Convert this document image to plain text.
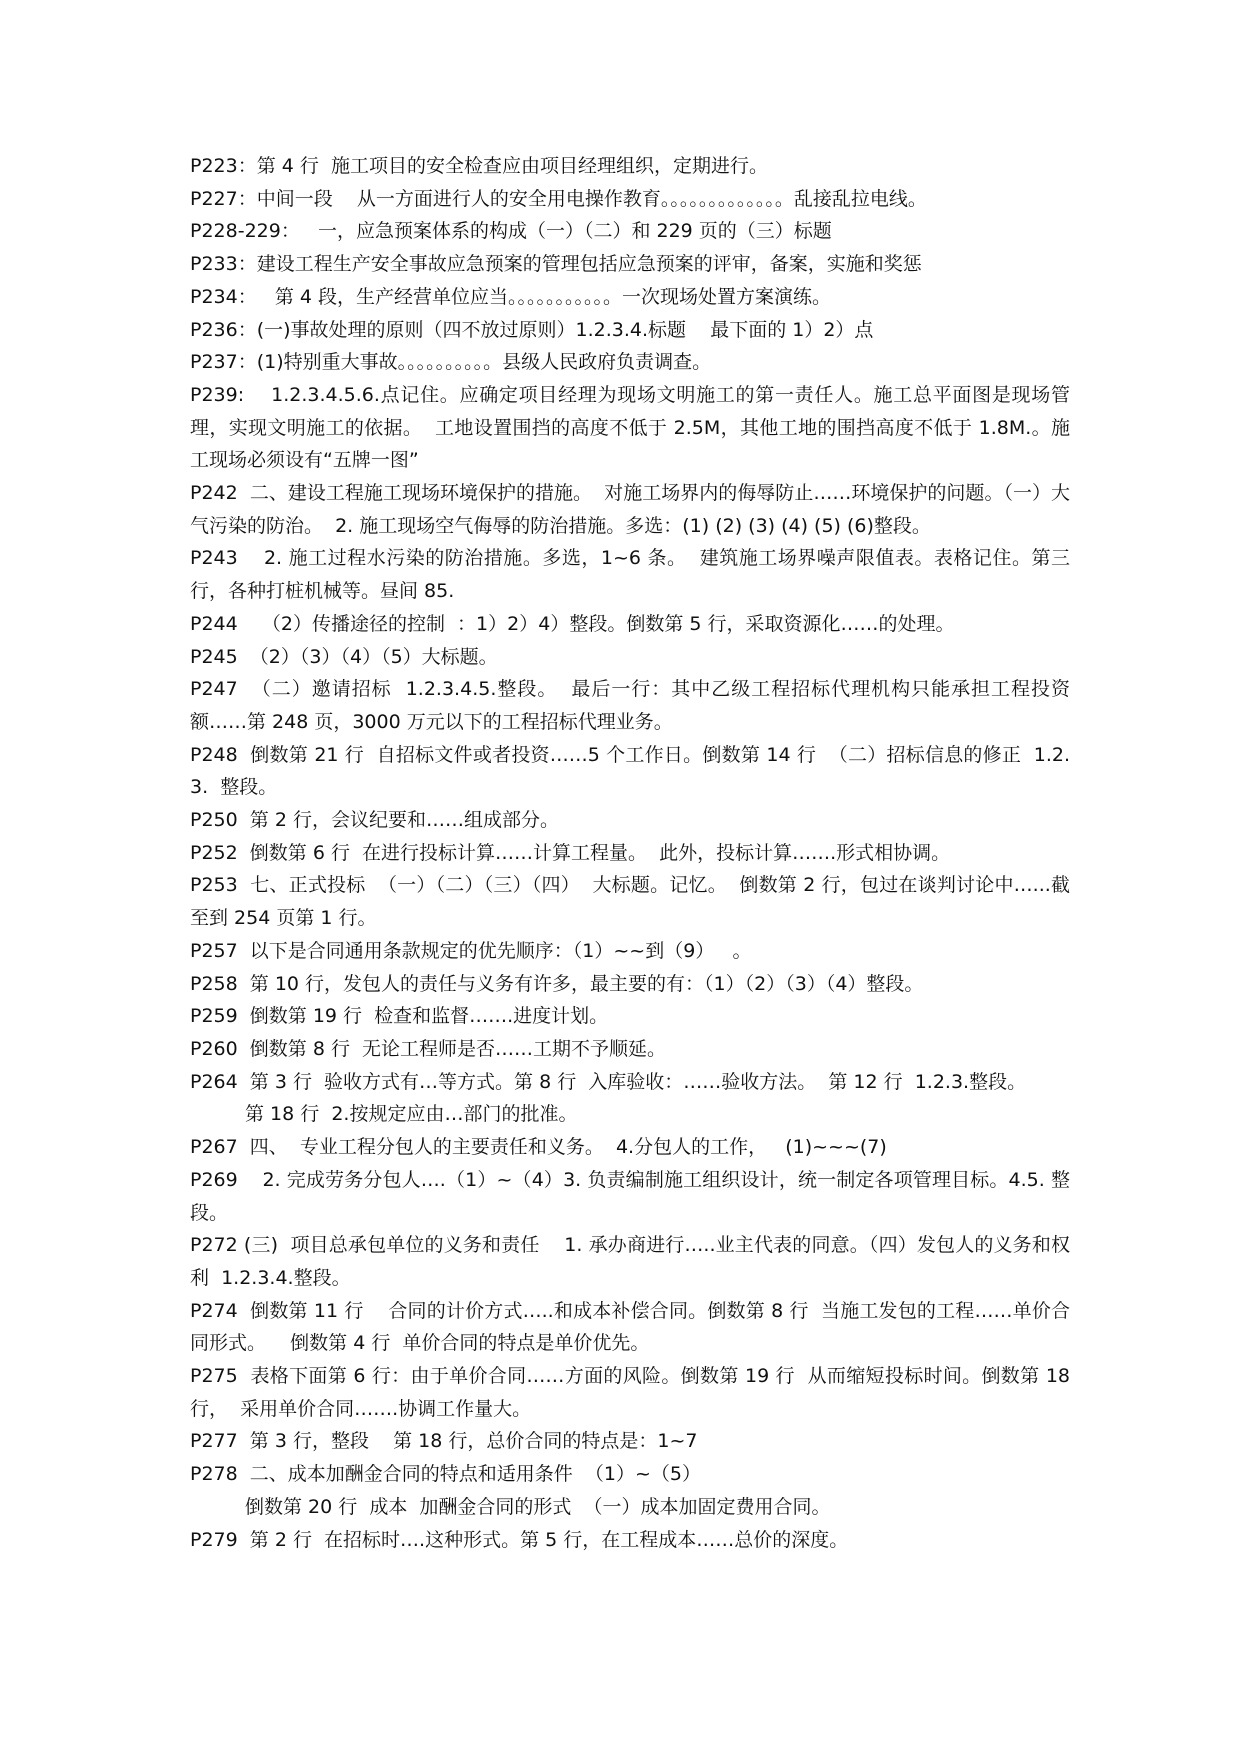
P223：第 4 行  施工项目的安全检查应由项目经理组织，定期进行。

P227：中间一段    从一方面进行人的安全用电操作教育。。。。。。。。。。。。。乱接乱拉电线。

P228-229：   一，应急预案体系的构成（一）（二）和 229 页的（三）标题

P233：建设工程生产安全事故应急预案的管理包括应急预案的评审，备案，实施和奖惩

P234：   第 4 段，生产经营单位应当。。。。。。。。。。。一次现场处置方案演练。

P236：(一)事故处理的原则（四不放过原则）1.2.3.4.标题    最下面的 1）2）点

P237：(1)特别重大事故。。。。。。。。。。县级人民政府负责调查。

P239:    1.2.3.4.5.6.点记住。应确定项目经理为现场文明施工的第一责任人。施工总平面图是现场管理，实现文明施工的依据。  工地设置围挡的高度不低于 2.5M，其他工地的围挡高度不低于 1.8M.。施工现场必须设有“五牌一图”

P242  二、建设工程施工现场环境保护的措施。  对施工场界内的侮辱防止……环境保护的问题。（一）大气污染的防治。  2. 施工现场空气侮辱的防治措施。多选：(1) (2) (3) (4) (5) (6)整段。

P243    2. 施工过程水污染的防治措施。多选，1~6 条。  建筑施工场界噪声限值表。表格记住。第三行，各种打桩机械等。昼间 85.

P244    （2）传播途径的控制  ：1）2）4）整段。倒数第 5 行，采取资源化……的处理。

P245  （2）（3）（4）（5）大标题。

P247  （二）邀请招标  1.2.3.4.5.整段。  最后一行：其中乙级工程招标代理机构只能承担工程投资额……第 248 页，3000 万元以下的工程招标代理业务。

P248  倒数第 21 行  自招标文件或者投资……5 个工作日。倒数第 14 行  （二）招标信息的修正  1.2.3.  整段。

P250  第 2 行，会议纪要和……组成部分。

P252  倒数第 6 行  在进行投标计算……计算工程量。  此外，投标计算…….形式相协调。

P253  七、正式投标  （一）（二）（三）（四）  大标题。记忆。  倒数第 2 行，包过在谈判讨论中…...截至到 254 页第 1 行。

P257  以下是合同通用条款规定的优先顺序：（1）~~到（9）   。

P258  第 10 行，发包人的责任与义务有许多，最主要的有：（1）（2）（3）（4）整段。

P259  倒数第 19 行  检查和监督…….进度计划。

P260  倒数第 8 行  无论工程师是否……工期不予顺延。

P264  第 3 行  验收方式有…等方式。第 8 行  入库验收：……验收方法。  第 12 行  1.2.3.整段。

第 18 行  2.按规定应由…部门的批准。

P267  四、  专业工程分包人的主要责任和义务。  4.分包人的工作，   (1)~~~(7)

P269    2. 完成劳务分包人….（1）~（4）3. 负责编制施工组织设计，统一制定各项管理目标。4.5. 整段。

P272 (三)  项目总承包单位的义务和责任    1. 承办商进行…..业主代表的同意。（四）发包人的义务和权利  1.2.3.4.整段。

P274  倒数第 11 行    合同的计价方式…..和成本补偿合同。倒数第 8 行  当施工发包的工程……单价合同形式。    倒数第 4 行  单价合同的特点是单价优先。

P275  表格下面第 6 行：由于单价合同……方面的风险。倒数第 19 行  从而缩短投标时间。倒数第 18 行，  采用单价合同…….协调工作量大。

P277  第 3 行，整段    第 18 行，总价合同的特点是：1~7

P278  二、成本加酬金合同的特点和适用条件  （1）~（5）

倒数第 20 行  成本  加酬金合同的形式  （一）成本加固定费用合同。

P279  第 2 行  在招标时….这种形式。第 5 行，在工程成本……总价的深度。
